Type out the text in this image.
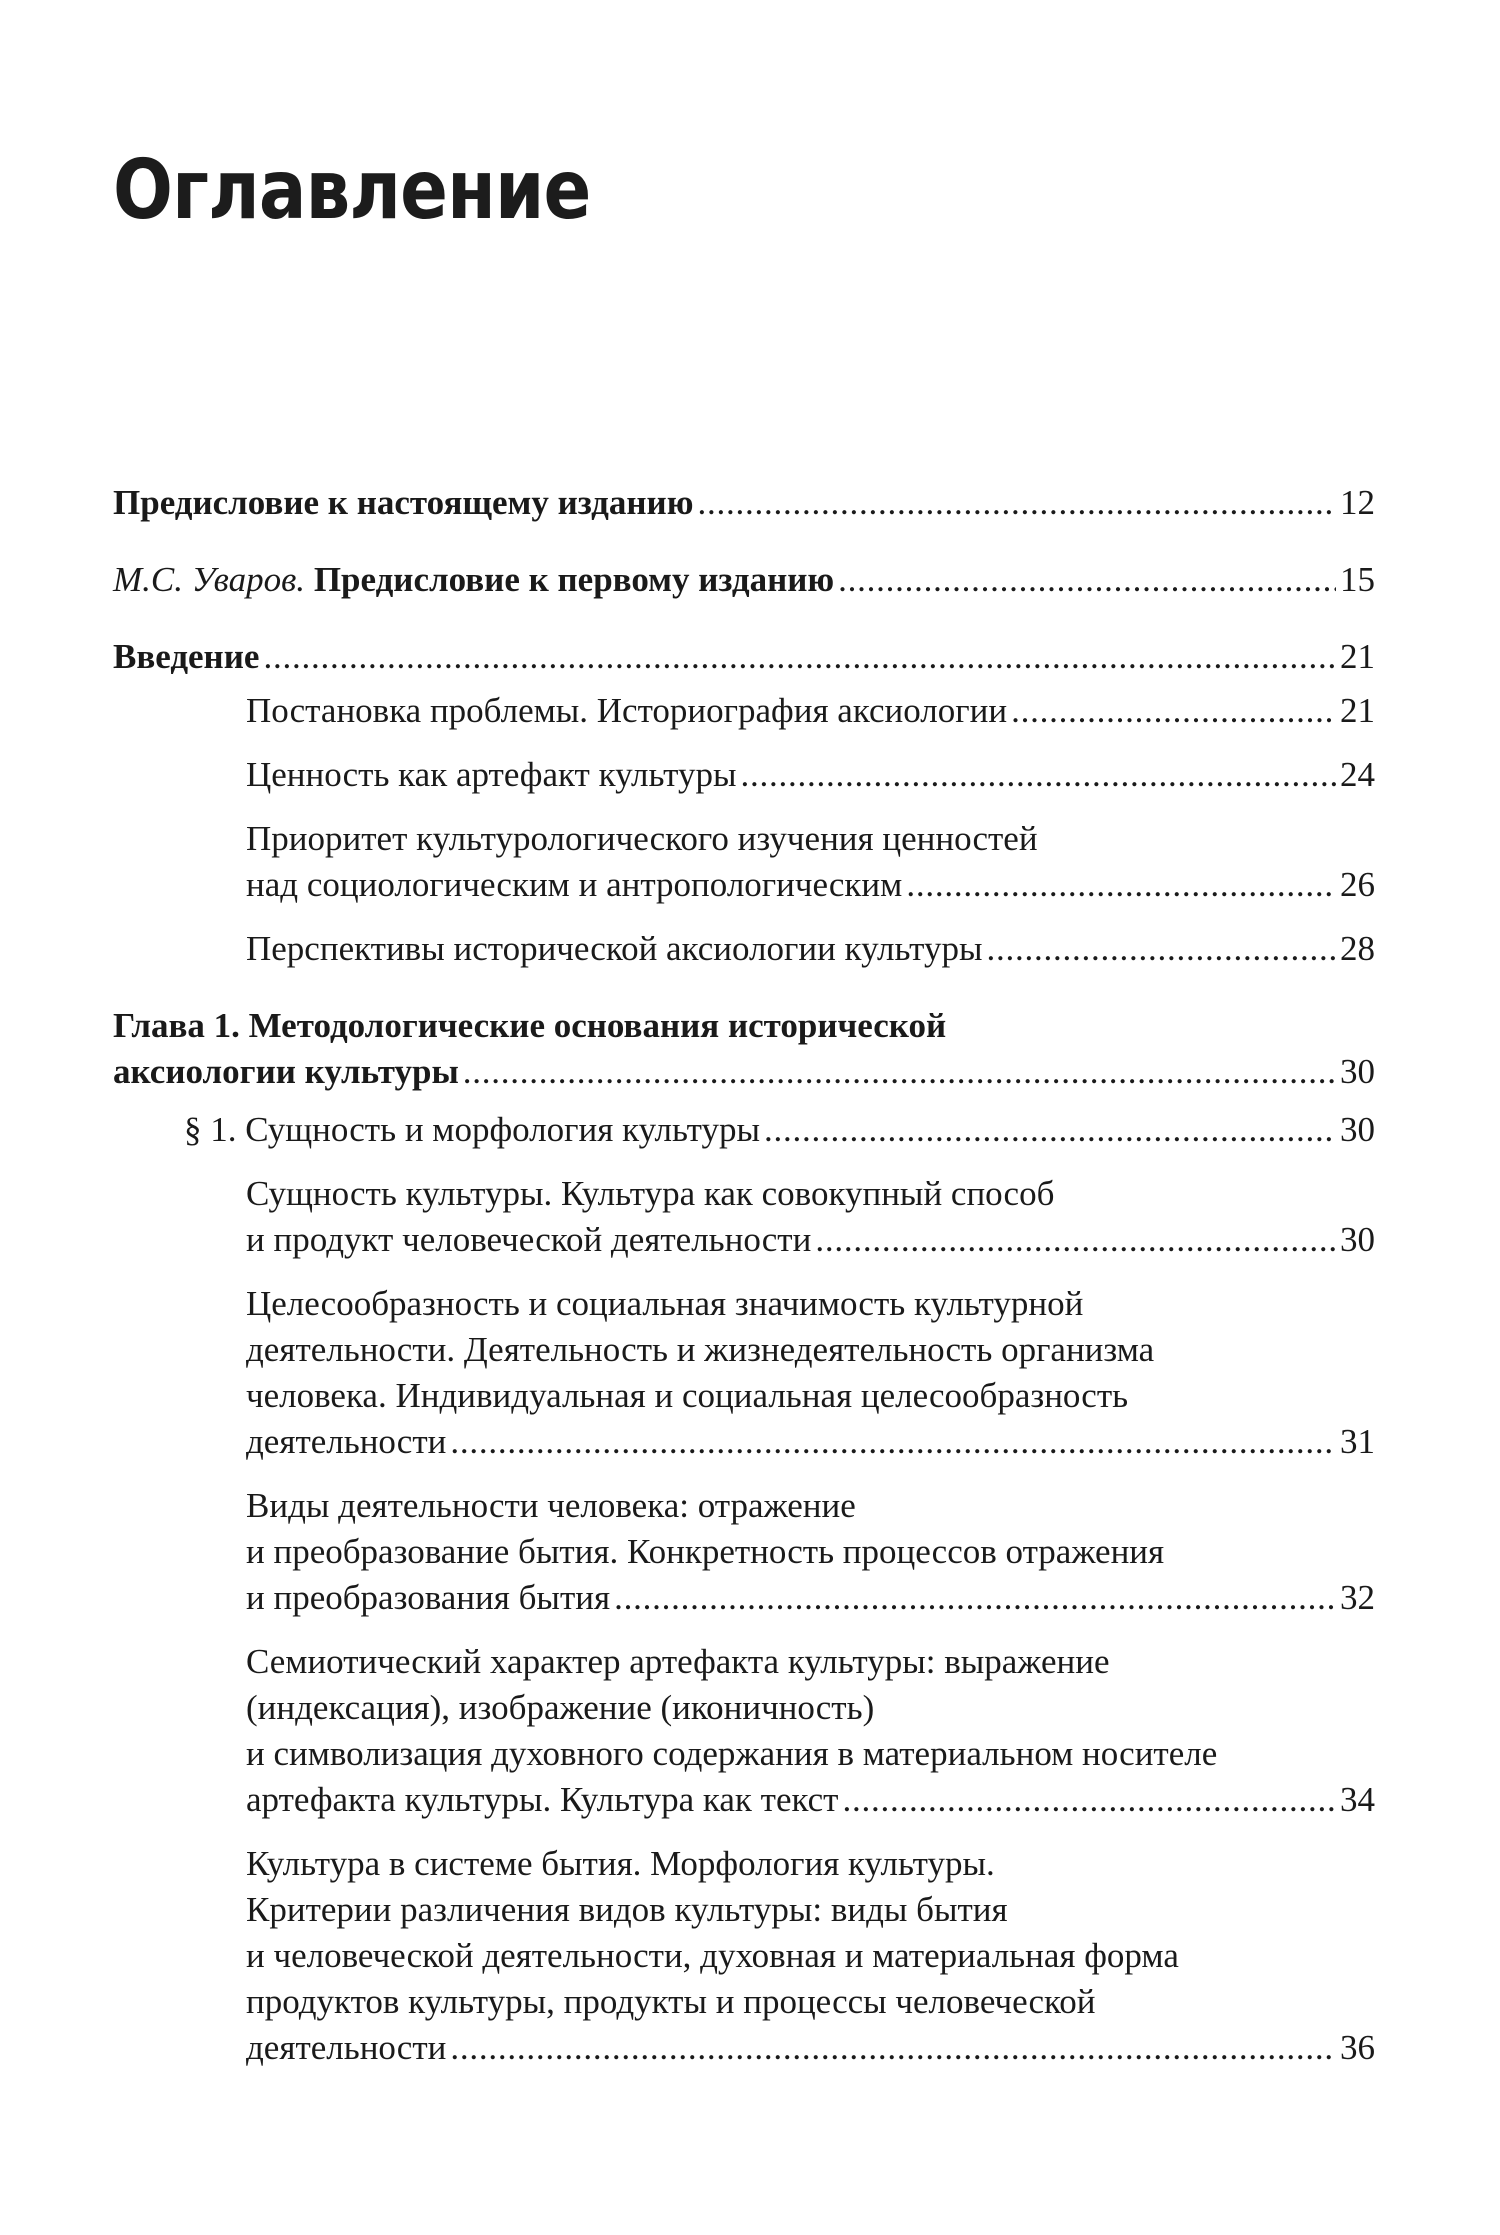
Оглавление
Предисловие к настоящему изданию . . .	12
М.С. Уваров. Предисловие к первому изданию . . .	15
Введение . . .	21
Постановка проблемы. Историография аксиологии . . .	21
Ценность как артефакт культуры . . .	24
Приоритет культурологического изучения ценностей
над социологическим и антропологическим . . .	26
Перспективы исторической аксиологии культуры . . .	28
Глава 1. Методологические основания исторической
аксиологии культуры . . .	30
§ 1. Сущность и морфология культуры . . .	30
Сущность культуры. Культура как совокупный способ
и продукт человеческой деятельности . . .	30
Целесообразность и социальная значимость культурной
деятельности. Деятельность и жизнедеятельность организма
человека. Индивидуальная и социальная целесообразность
деятельности . . .	31
Виды деятельности человека: отражение
и преобразование бытия. Конкретность процессов отражения
и преобразования бытия . . .	32
Семиотический характер артефакта культуры: выражение
(индексация), изображение (иконичность)
и символизация духовного содержания в материальном носителе
артефакта культуры. Культура как текст . . .	34
Культура в системе бытия. Морфология культуры.
Критерии различения видов культуры: виды бытия
и человеческой деятельности, духовная и материальная форма
продуктов культуры, продукты и процессы человеческой
деятельности . . .	36
